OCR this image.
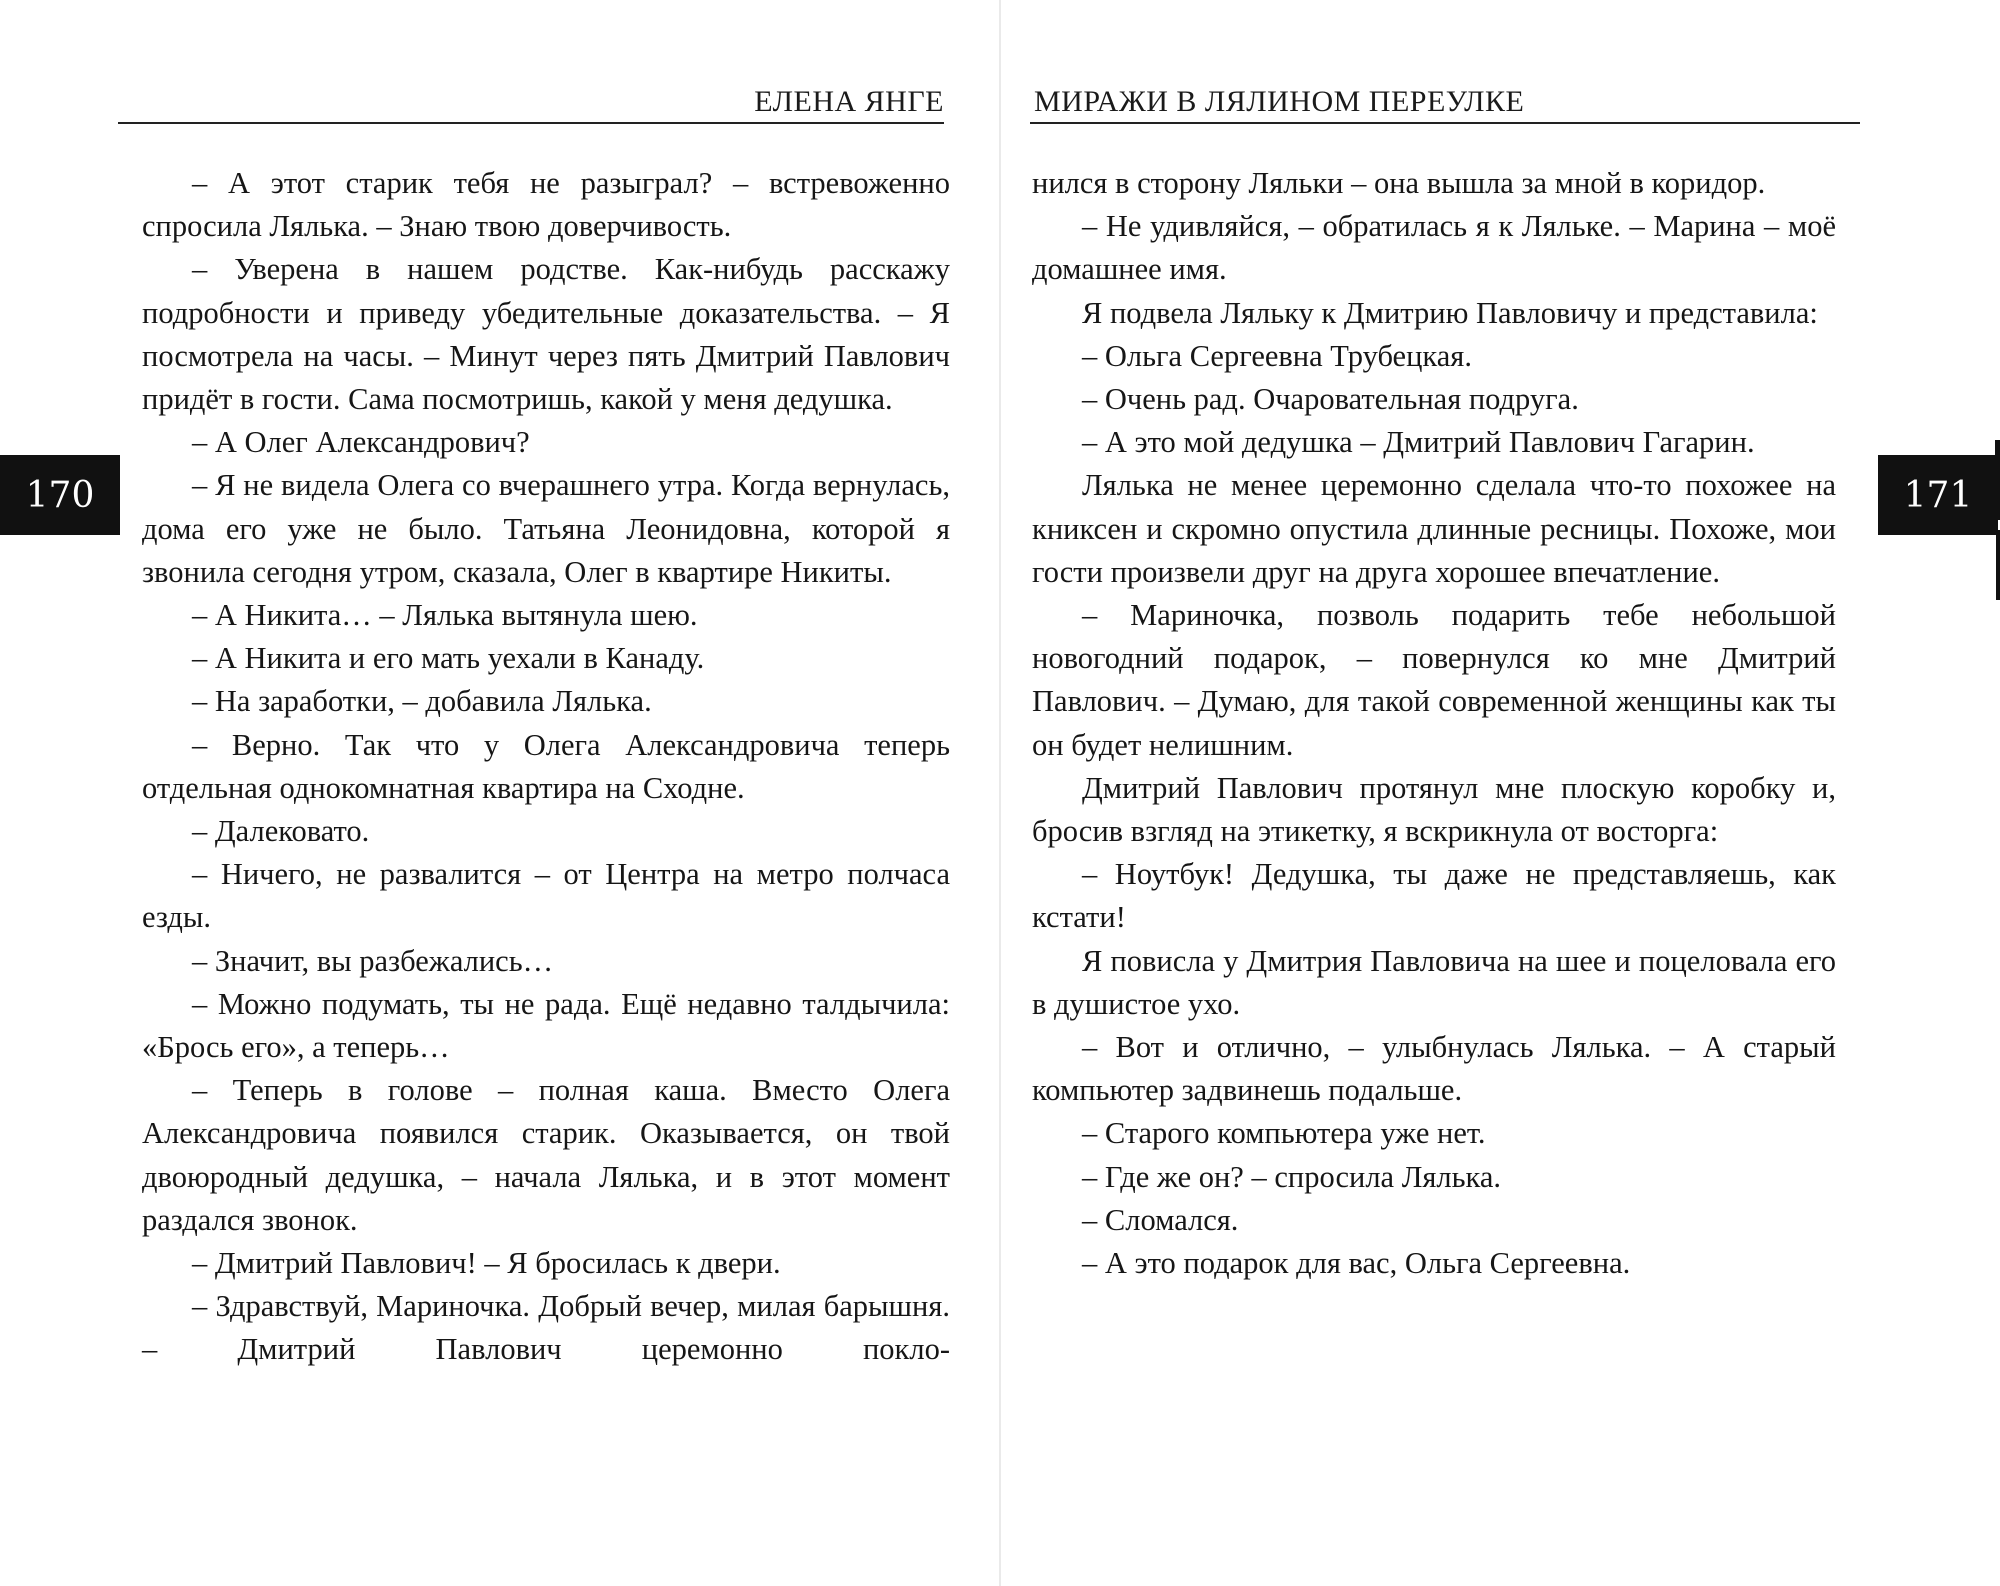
ЕЛЕНА ЯНГЕ
170

– А этот старик тебя не разыграл? – встревоженно спросила Лялька. – Знаю твою доверчивость.

– Уверена в нашем родстве. Как-нибудь расскажу подробности и приведу убедительные доказательства. – Я посмотрела на часы. – Минут через пять Дмитрий Павлович придёт в гости. Сама посмотришь, какой у меня дедушка.

– А Олег Александрович?

– Я не видела Олега со вчерашнего утра. Когда вернулась, дома его уже не было. Татьяна Леонидовна, которой я звонила сегодня утром, сказала, Олег в квартире Никиты.

– А Никита… – Лялька вытянула шею.

– А Никита и его мать уехали в Канаду.

– На заработки, – добавила Лялька.

– Верно. Так что у Олега Александровича теперь отдельная однокомнатная квартира на Сходне.

– Далековато.

– Ничего, не развалится – от Центра на метро полчаса езды.

– Значит, вы разбежались…

– Можно подумать, ты не рада. Ещё недавно талдычила: «Брось его», а теперь…

– Теперь в голове – полная каша. Вместо Олега Александровича появился старик. Оказывается, он твой двоюродный дедушка, – начала Лялька, и в этот момент раздался звонок.

– Дмитрий Павлович! – Я бросилась к двери.

– Здравствуй, Мариночка. Добрый вечер, милая барышня. – Дмитрий Павлович церемонно покло-

МИРАЖИ В ЛЯЛИНОМ ПЕРЕУЛКЕ
171

нился в сторону Ляльки – она вышла за мной в коридор.

– Не удивляйся, – обратилась я к Ляльке. – Марина – моё домашнее имя.

Я подвела Ляльку к Дмитрию Павловичу и представила:

– Ольга Сергеевна Трубецкая.

– Очень рад. Очаровательная подруга.

– А это мой дедушка – Дмитрий Павлович Гагарин.

Лялька не менее церемонно сделала что-то похожее на книксен и скромно опустила длинные ресницы. Похоже, мои гости произвели друг на друга хорошее впечатление.

– Мариночка, позволь подарить тебе небольшой новогодний подарок, – повернулся ко мне Дмитрий Павлович. – Думаю, для такой современной женщины как ты он будет нелишним.

Дмитрий Павлович протянул мне плоскую коробку и, бросив взгляд на этикетку, я вскрикнула от восторга:

– Ноутбук! Дедушка, ты даже не представляешь, как кстати!

Я повисла у Дмитрия Павловича на шее и поцеловала его в душистое ухо.

– Вот и отлично, – улыбнулась Лялька. – А старый компьютер задвинешь подальше.

– Старого компьютера уже нет.

– Где же он? – спросила Лялька.

– Сломался.

– А это подарок для вас, Ольга Сергеевна.
